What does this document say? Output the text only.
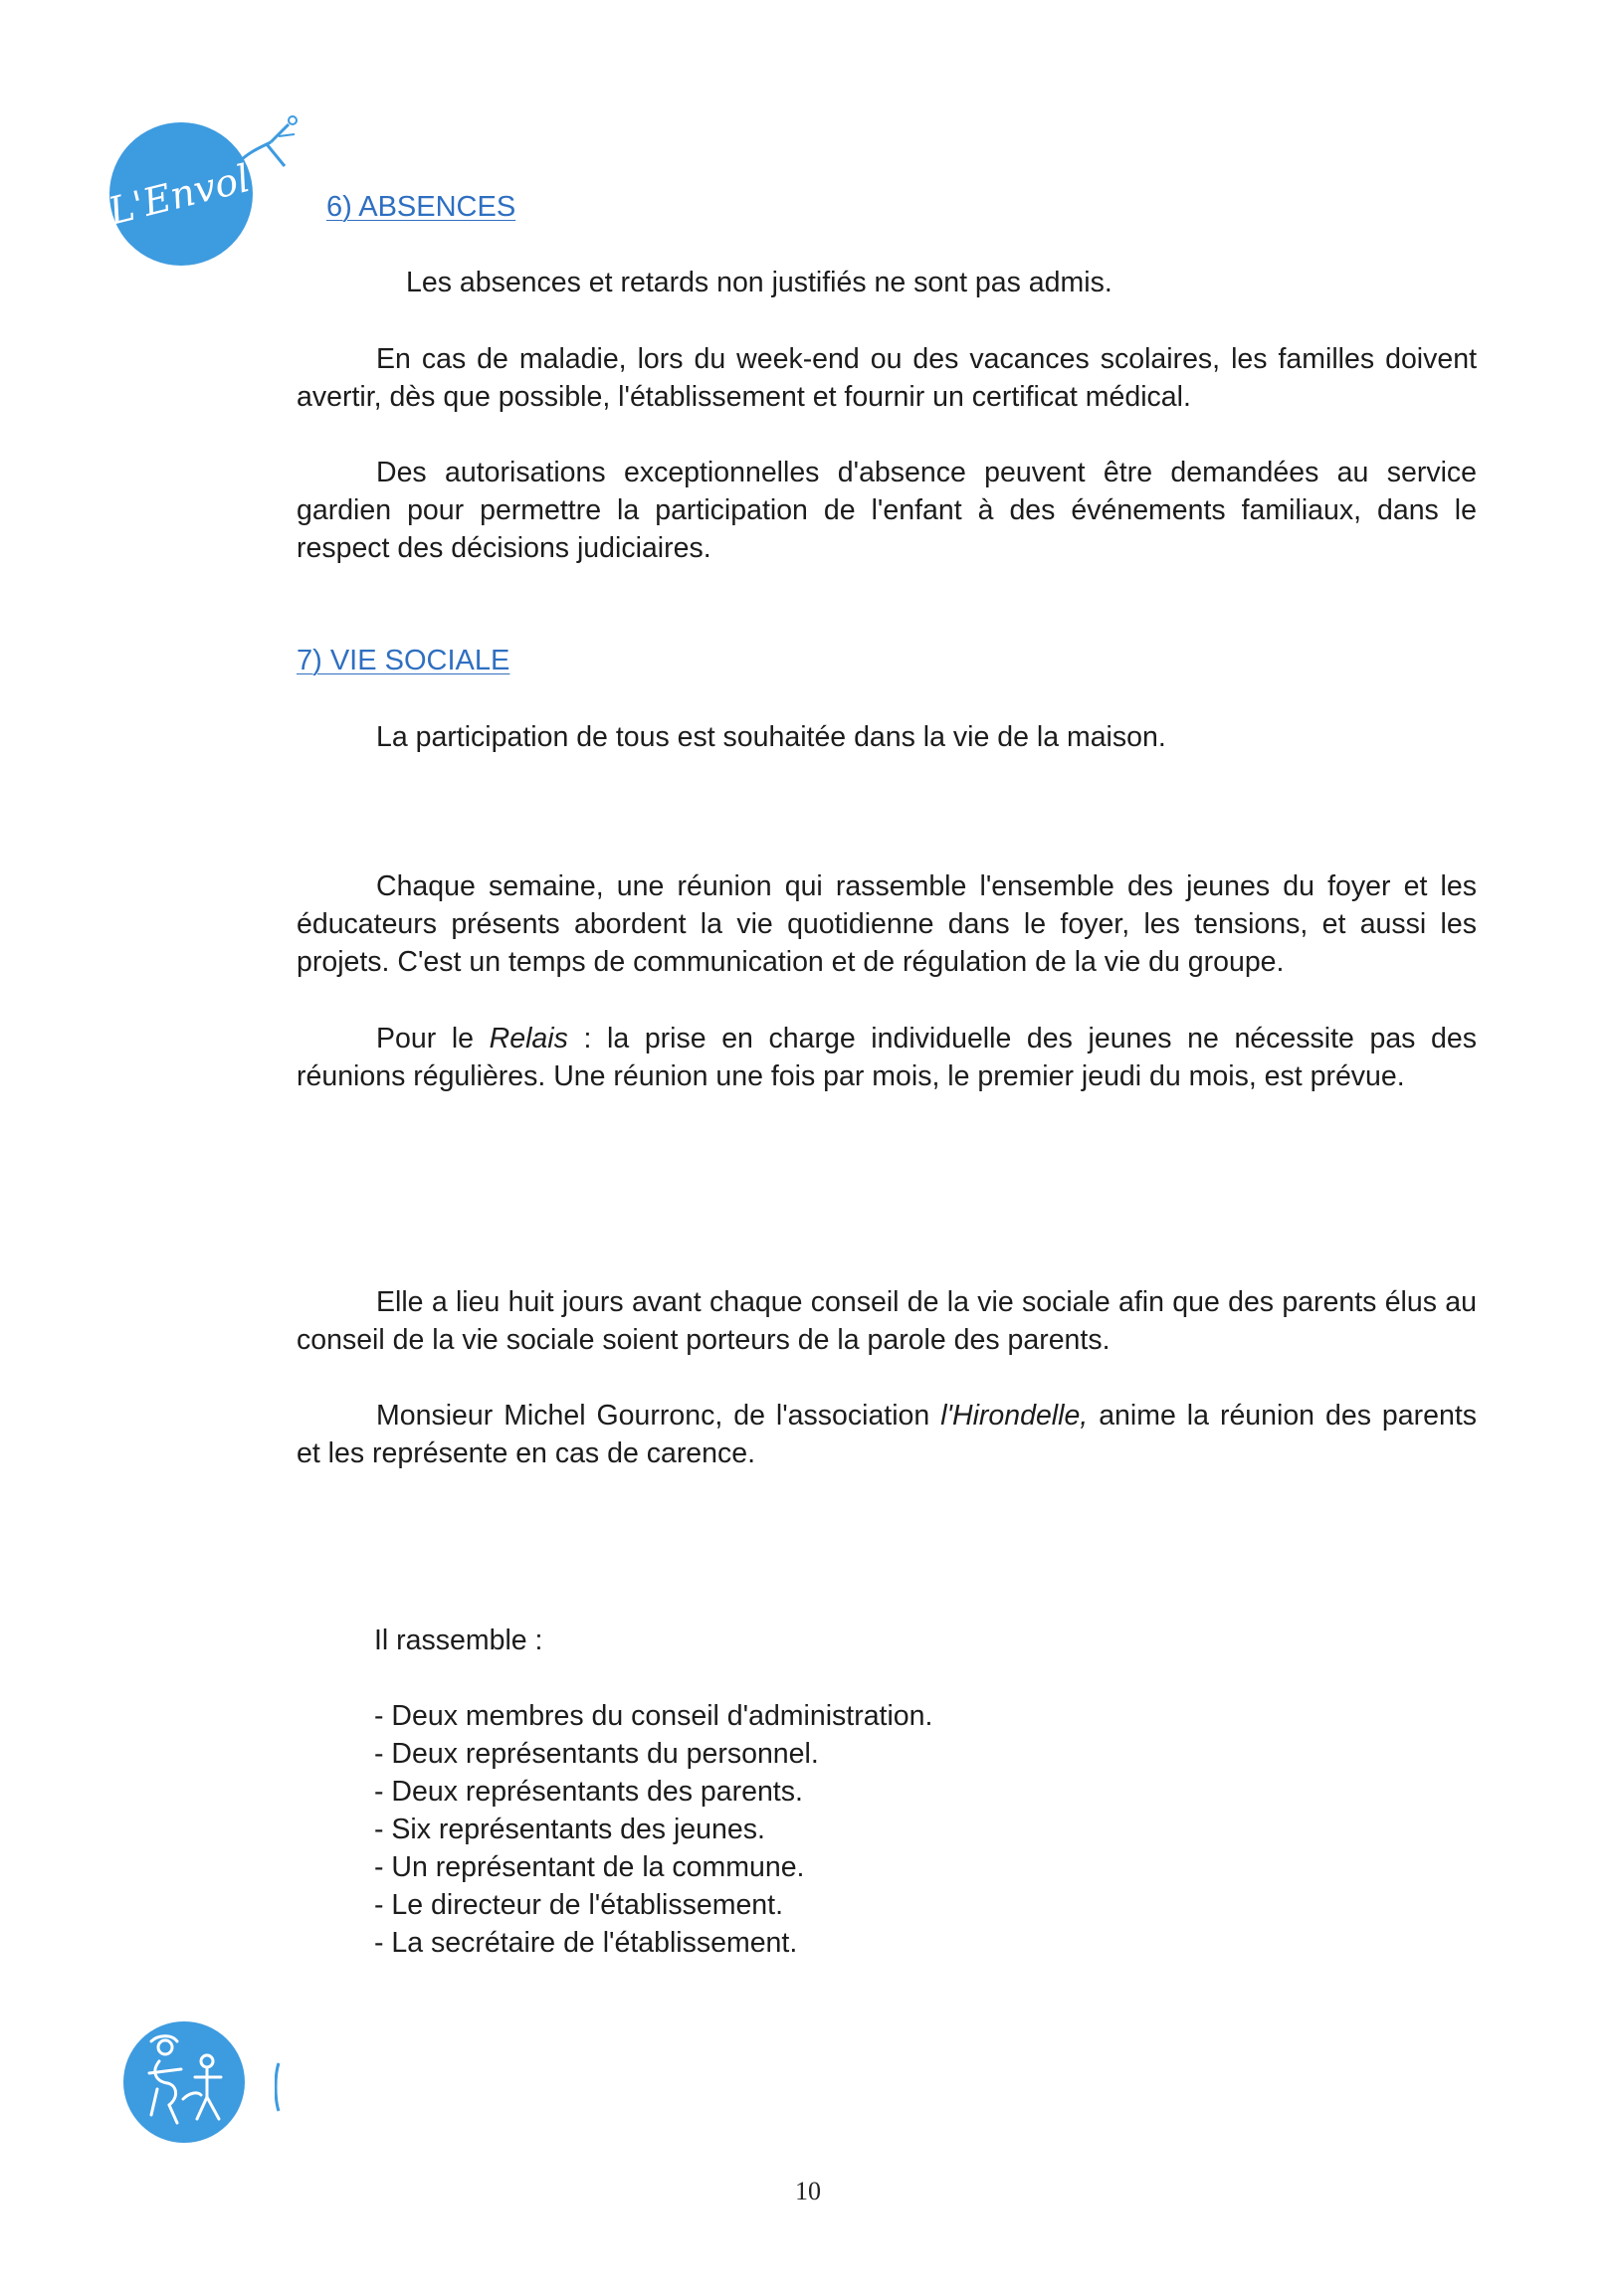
L'Envol	6) ABSENCES

Les absences et retards non justifiés ne sont pas admis.

En cas de maladie, lors du week-end ou des vacances scolaires, les familles doivent avertir, dès que possible, l'établissement et fournir un certificat médical.

Des autorisations exceptionnelles d'absence peuvent être demandées au service gardien pour permettre la participation de l'enfant à des événements familiaux, dans le respect des décisions judiciaires.

7) VIE SOCIALE

La participation de tous est souhaitée dans la vie de la maison.

Chaque semaine, une réunion qui rassemble l'ensemble des jeunes du foyer et les éducateurs présents abordent la vie quotidienne dans le foyer, les tensions, et aussi les projets. C'est un temps de communication et de régulation de la vie du groupe.

Pour le Relais : la prise en charge individuelle des jeunes ne nécessite pas des réunions régulières. Une réunion une fois par mois, le premier jeudi du mois, est prévue.

Elle a lieu huit jours avant chaque conseil de la vie sociale afin que des parents élus au conseil de la vie sociale soient porteurs de la parole des parents.

Monsieur Michel Gourronc, de l'association l'Hirondelle, anime la réunion des parents et les représente en cas de carence.

Il rassemble :

- Deux membres du conseil d'administration.
- Deux représentants du personnel.
- Deux représentants des parents.
- Six représentants des jeunes.
- Un représentant de la commune.
- Le directeur de l'établissement.
- La secrétaire de l'établissement.
10
